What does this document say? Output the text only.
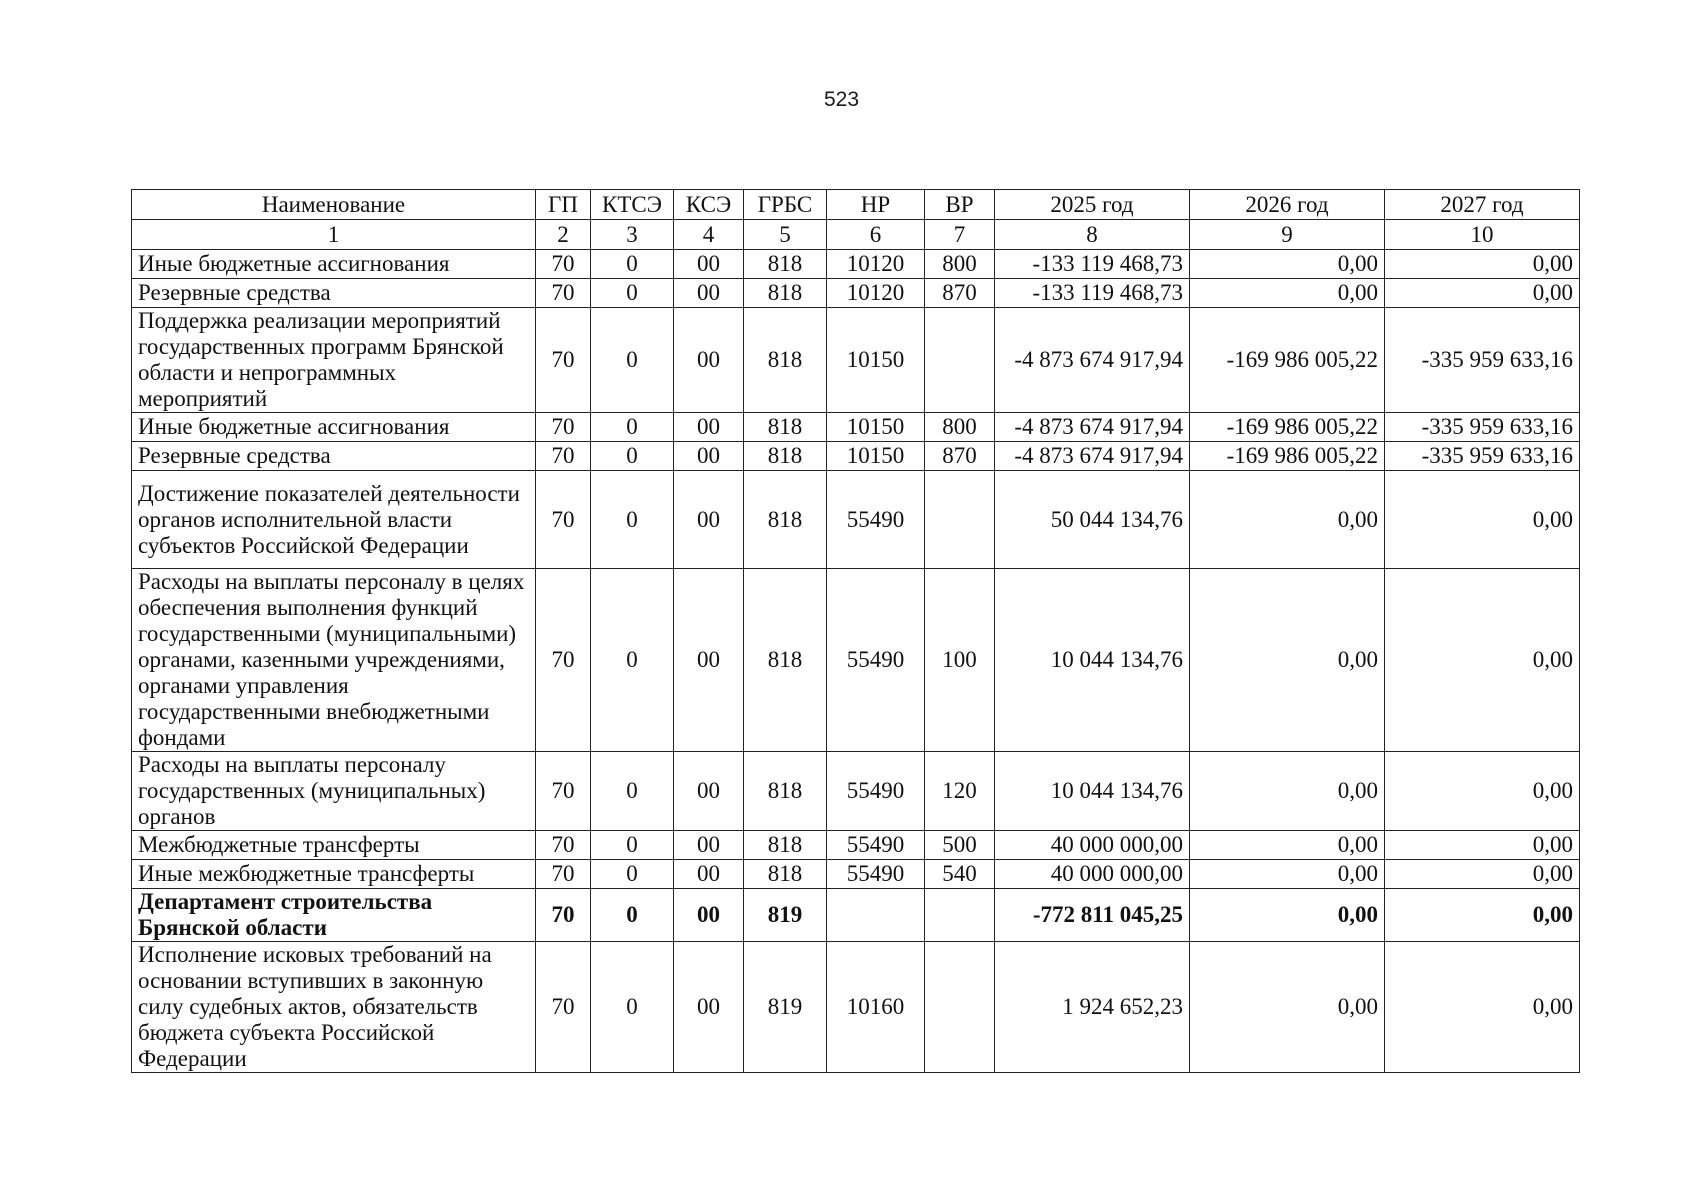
523
Наименование	ГП	КТСЭ	КСЭ	ГРБС	НР	ВР	2025 год	2026 год	2027 год
1	2	3	4	5	6	7	8	9	10
Иные бюджетные ассигнования	70	0	00	818	10120	800	-133 119 468,73	0,00	0,00
Резервные средства	70	0	00	818	10120	870	-133 119 468,73	0,00	0,00
Поддержка реализации мероприятий государственных программ Брянской области и непрограммных мероприятий	70	0	00	818	10150		-4 873 674 917,94	-169 986 005,22	-335 959 633,16
Иные бюджетные ассигнования	70	0	00	818	10150	800	-4 873 674 917,94	-169 986 005,22	-335 959 633,16
Резервные средства	70	0	00	818	10150	870	-4 873 674 917,94	-169 986 005,22	-335 959 633,16
Достижение показателей деятельности органов исполнительной власти субъектов Российской Федерации	70	0	00	818	55490		50 044 134,76	0,00	0,00
Расходы на выплаты персоналу в целях обеспечения выполнения функций государственными (муниципальными) органами, казенными учреждениями, органами управления государственными внебюджетными фондами	70	0	00	818	55490	100	10 044 134,76	0,00	0,00
Расходы на выплаты персоналу государственных (муниципальных) органов	70	0	00	818	55490	120	10 044 134,76	0,00	0,00
Межбюджетные трансферты	70	0	00	818	55490	500	40 000 000,00	0,00	0,00
Иные межбюджетные трансферты	70	0	00	818	55490	540	40 000 000,00	0,00	0,00
Департамент строительства Брянской области	70	0	00	819			-772 811 045,25	0,00	0,00
Исполнение исковых требований на основании вступивших в законную силу судебных актов, обязательств бюджета субъекта Российской Федерации	70	0	00	819	10160		1 924 652,23	0,00	0,00
